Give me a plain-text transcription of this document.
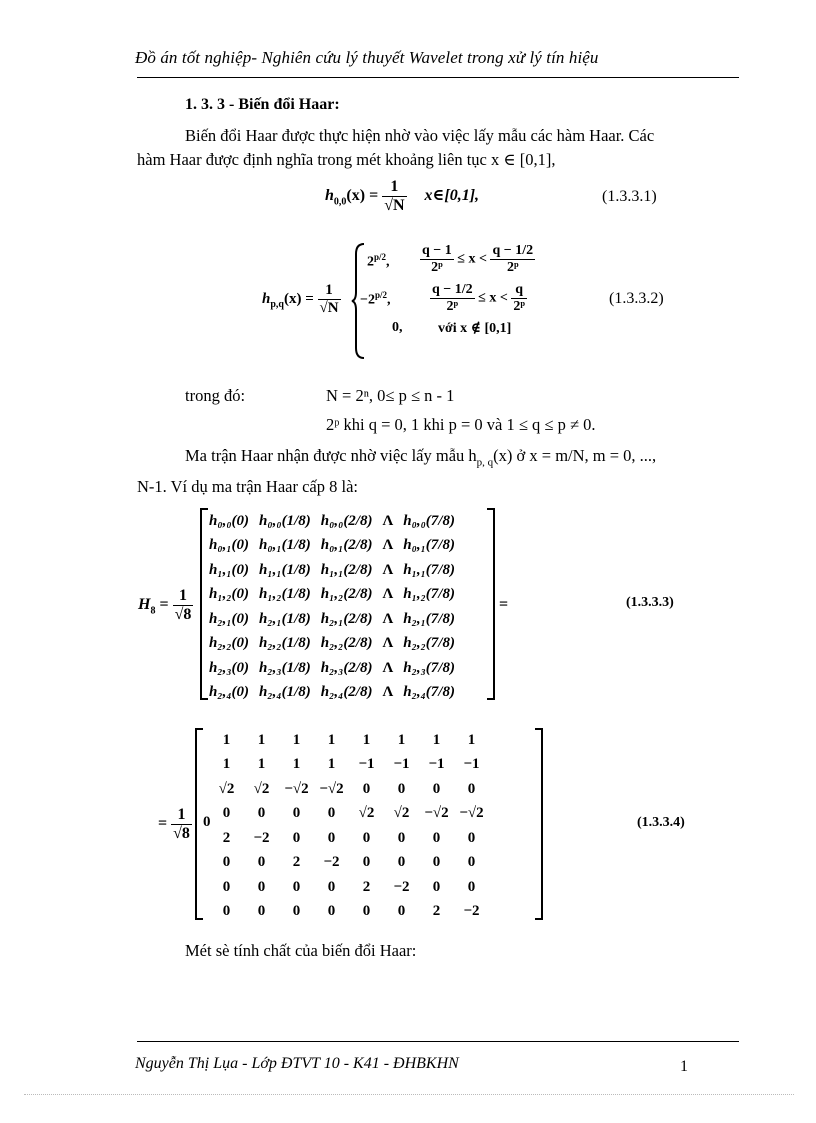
Đồ án tốt nghiệp- Nghiên cứu lý thuyết Wavelet trong xử lý tín hiệu
1. 3. 3 - Biến đổi Haar:
Biến đổi Haar được thực hiện nhờ vào việc lấy mẫu các hàm Haar. Các
hàm Haar được định nghĩa trong mét khoảng liên tục x ∈ [0,1],
$h_{0,0}(x) = \frac{1}{√N}$ x∈[0,1],	(1.3.3.1)
$h_{p,q}(x) = \frac{1}{√N}$
$2^{p/2}$, $\frac{q - 1}{\text{2ᵖ}} \le x < \frac{q - 1/2}{\text{2ᵖ}}$
$-2^{p/2}$,	$\frac{q - 1/2}{\text{2ᵖ}} \le x < \frac{q}{\text{2ᵖ}}$
0,	với x ∉ [0,1]
(1.3.3.2)
trong đó:	N = 2ⁿ, 0≤ p ≤ n - 1
2ᵖ khi q = 0, 1 khi p = 0 và 1 ≤ q ≤ p ≠ 0.
Ma trận Haar nhận được nhờ việc lấy mẫu $h_{p, q}(x)$ ở x = m/N, m = 0, ...,
N-1. Ví dụ ma trận Haar cấp 8 là:
$H_8 = \frac{1}{√8}$
h₀,₀(0)	h₀,₀(1/8)	h₀,₀(2/8)	Λ	h₀,₀(7/8)
h₀,₁(0)	h₀,₁(1/8)	h₀,₁(2/8)	Λ	h₀,₁(7/8)
h₁,₁(0)	h₁,₁(1/8)	h₁,₁(2/8)	Λ	h₁,₁(7/8)
h₁,₂(0)	h₁,₂(1/8)	h₁,₂(2/8)	Λ	h₁,₂(7/8)
h₂,₁(0)	h₂,₁(1/8)	h₂,₁(2/8)	Λ	h₂,₁(7/8)
h₂,₂(0)	h₂,₂(1/8)	h₂,₂(2/8)	Λ	h₂,₂(7/8)
h₂,₃(0)	h₂,₃(1/8)	h₂,₃(2/8)	Λ	h₂,₃(7/8)
h₂,₄(0)	h₂,₄(1/8)	h₂,₄(2/8)	Λ	h₂,₄(7/8)
=	(1.3.3.3)
= $\frac{1}{√8} 0$
1	1	1	1	1	1	1	1
1	1	1	1	−1	−1	−1	−1
√2	√2	−√2	−√2	0	0	0	0
0	0	0	0	√2	√2	−√2	−√2
2	−2	0	0	0	0	0	0
0	0	2	−2	0	0	0	0
0	0	0	0	2	−2	0	0
0	0	0	0	0	0	2	−2
(1.3.3.4)
Mét sè tính chất của biến đổi Haar:
Nguyễn Thị Lụa - Lớp ĐTVT 10 - K41 - ĐHBKHN	1
